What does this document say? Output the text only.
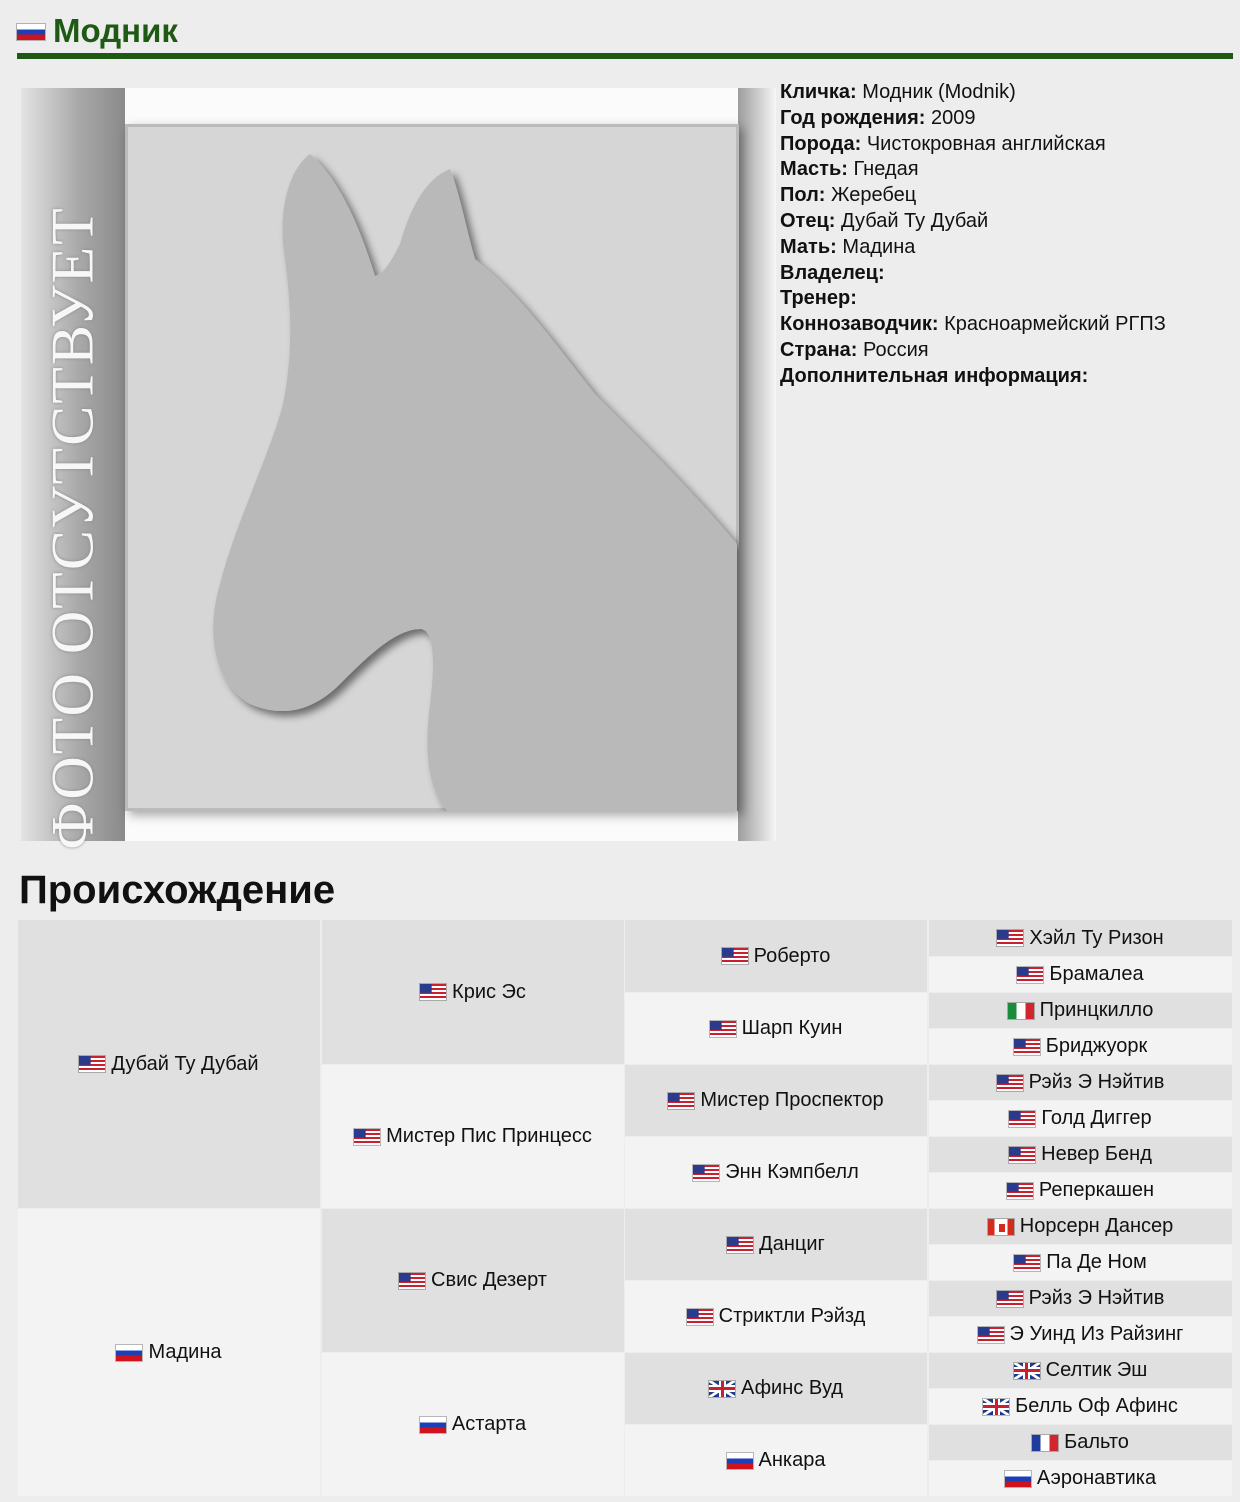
Модник
ФОТО ОТСУТСТВУЕТ
Кличка: Модник (Modnik)
Год рождения: 2009
Порода: Чистокровная английская
Масть: Гнедая
Пол: Жеребец
Отец: Дубай Ту Дубай
Мать: Мадина
Владелец:
Тренер:
Коннозаводчик: Красноармейский РГПЗ
Страна: Россия
Дополнительная информация:
Происхождение
Дубай Ту Дубай
Мадина
Крис Эс
Мистер Пис Принцесс
Свис Дезерт
Астарта
Роберто
Шарп Куин
Мистер Проспектор
Энн Кэмпбелл
Данциг
Стриктли Рэйзд
Афинс Вуд
Анкара
Хэйл Ту Ризон
Брамалеа
Принцкилло
Бриджуорк
Рэйз Э Нэйтив
Голд Диггер
Невер Бенд
Реперкашен
Норсерн Дансер
Па Де Ном
Рэйз Э Нэйтив
Э Уинд Из Райзинг
Селтик Эш
Белль Оф Афинс
Бальто
Аэронавтика
